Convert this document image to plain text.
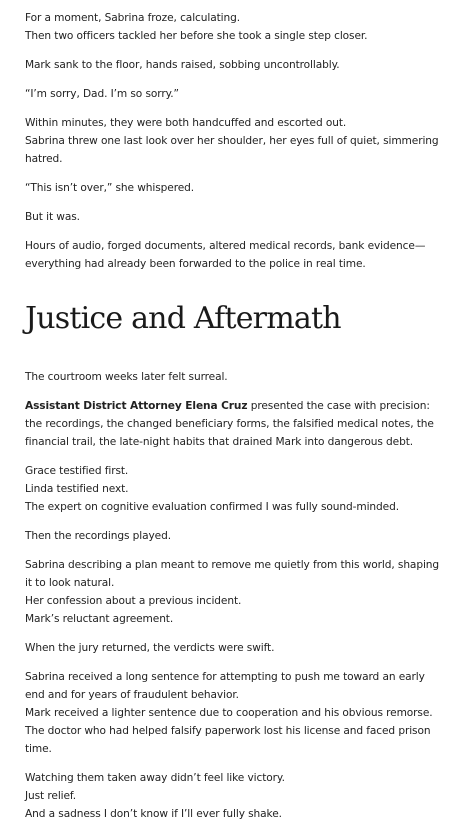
For a moment, Sabrina froze, calculating.
Then two officers tackled her before she took a single step closer.

Mark sank to the floor, hands raised, sobbing uncontrollably.

“I’m sorry, Dad. I’m so sorry.”

Within minutes, they were both handcuffed and escorted out.
Sabrina threw one last look over her shoulder, her eyes full of quiet, simmering hatred.

“This isn’t over,” she whispered.

But it was.

Hours of audio, forged documents, altered medical records, bank evidence—everything had already been forwarded to the police in real time.

Justice and Aftermath

The courtroom weeks later felt surreal.

Assistant District Attorney Elena Cruz presented the case with precision:
the recordings, the changed beneficiary forms, the falsified medical notes, the financial trail, the late-night habits that drained Mark into dangerous debt.

Grace testified first.
Linda testified next.
The expert on cognitive evaluation confirmed I was fully sound-minded.

Then the recordings played.

Sabrina describing a plan meant to remove me quietly from this world, shaping it to look natural.
Her confession about a previous incident.
Mark’s reluctant agreement.

When the jury returned, the verdicts were swift.

Sabrina received a long sentence for attempting to push me toward an early end and for years of fraudulent behavior.
Mark received a lighter sentence due to cooperation and his obvious remorse.
The doctor who had helped falsify paperwork lost his license and faced prison time.

Watching them taken away didn’t feel like victory.
Just relief.
And a sadness I don’t know if I’ll ever fully shake.
